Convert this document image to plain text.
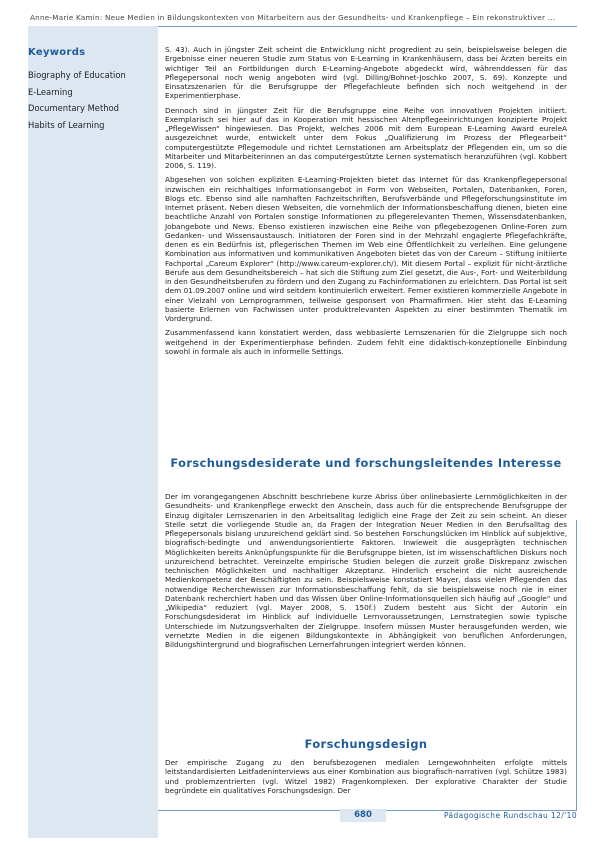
Anne-Marie Kamin: Neue Medien in Bildungskontexten von Mitarbeitern aus der Gesundheits- und Krankenpflege – Ein rekonstruktiver ...
Keywords
Biography of Education
E-Learning
Documentary Method
Habits of Learning

S. 43). Auch in jüngster Zeit scheint die Entwicklung nicht progredient zu sein, beispielsweise belegen die Ergebnisse einer neueren Studie zum Status von E-Learning in Krankenhäusern, dass bei Ärzten bereits ein wichtiger Teil an Fortbildungen durch E-Learning-Angebote abgedeckt wird, währenddessen für das Pflegepersonal noch wenig angeboten wird (vgl. Dilling/Bohnet-Joschko 2007, S. 69). Konzepte und Einsatzszenarien für die Berufsgruppe der Pflegefachleute befinden sich noch weitgehend in der Experimentierphase.

Dennoch sind in jüngster Zeit für die Berufsgruppe eine Reihe von innovativen Projekten initiiert. Exemplarisch sei hier auf das in Kooperation mit hessischen Altenpflegeeinrichtungen konzipierte Projekt „PflegeWissen“ hingewiesen. Das Projekt, welches 2006 mit dem European E-Learning Award eureleA ausgezeichnet wurde, entwickelt unter dem Fokus „Qualifizierung im Prozess der Pflegearbeit“ computergestützte Pflegemodule und richtet Lernstationen am Arbeitsplatz der Pflegenden ein, um so die Mitarbeiter und Mitarbeiterinnen an das computergestützte Lernen systematisch heranzuführen (vgl. Kobbert 2006, S. 119).

Abgesehen von solchen expliziten E-Learning-Projekten bietet das Internet für das Krankenpflegepersonal inzwischen ein reichhaltiges Informationsangebot in Form von Webseiten, Portalen, Datenbanken, Foren, Blogs etc. Ebenso sind alle namhaften Fachzeitschriften, Berufsverbände und Pflegeforschungsinstitute im Internet präsent. Neben diesen Webseiten, die vornehmlich der Informationsbeschaffung dienen, bieten eine beachtliche Anzahl von Portalen sonstige Informationen zu pflegerelevanten Themen, Wissensdatenbanken, Jobangebote und News. Ebenso existieren inzwischen eine Reihe von pflegebezogenen Online-Foren zum Gedanken- und Wissensaustausch. Initiatoren der Foren sind in der Mehrzahl engagierte Pflegefachkräfte, denen es ein Bedürfnis ist, pflegerischen Themen im Web eine Öffentlichkeit zu verleihen. Eine gelungene Kombination aus informativen und kommunikativen Angeboten bietet das von der Careum – Stiftung initiierte Fachportal „Careum Explorer“ (http://www.careum-explorer.ch/). Mit diesem Portal – explizit für nicht-ärztliche Berufe aus dem Gesundheitsbereich – hat sich die Stiftung zum Ziel gesetzt, die Aus-, Fort- und Weiterbildung in den Gesundheitsberufen zu fördern und den Zugang zu Fachinformationen zu erleichtern. Das Portal ist seit dem 01.09.2007 online und wird seitdem kontinuierlich erweitert. Ferner existieren kommerzielle Angebote in einer Vielzahl von Lernprogrammen, teilweise gesponsert von Pharmafirmen. Hier steht das E-Learning basierte Erlernen von Fachwissen unter produktrelevanten Aspekten zu einer bestimmten Thematik im Vordergrund.

Zusammenfassend kann konstatiert werden, dass webbasierte Lernszenarien für die Zielgruppe sich noch weitgehend in der Experimentierphase befinden. Zudem fehlt eine didaktisch-konzeptionelle Einbindung sowohl in formale als auch in informelle Settings.

Forschungsdesiderate und forschungsleitendes Interesse

Der im vorangegangenen Abschnitt beschriebene kurze Abriss über onlinebasierte Lernmöglichkeiten in der Gesundheits- und Krankenpflege erweckt den Anschein, dass auch für die entsprechende Berufsgruppe der Einzug digitaler Lernszenarien in den Arbeitsalltag lediglich eine Frage der Zeit zu sein scheint. An dieser Stelle setzt die vorliegende Studie an, da Fragen der Integration Neuer Medien in den Berufsalltag des Pflegepersonals bislang unzureichend geklärt sind. So bestehen Forschungslücken im Hinblick auf subjektive, biografisch-bedingte und anwendungsorientierte Faktoren. Inwieweit die ausgeprägten technischen Möglichkeiten bereits Anknüpfungspunkte für die Berufsgruppe bieten, ist im wissenschaftlichen Diskurs noch unzureichend betrachtet. Vereinzelte empirische Studien belegen die zurzeit große Diskrepanz zwischen technischen Möglichkeiten und nachhaltiger Akzeptanz. Hinderlich erscheint die nicht ausreichende Medienkompetenz der Beschäftigten zu sein. Beispielsweise konstatiert Mayer, dass vielen Pflegenden das notwendige Recherchewissen zur Informationsbeschaffung fehlt, da sie beispielsweise noch nie in einer Datenbank recherchiert haben und das Wissen über Online-Informationsquellen sich häufig auf „Google“ und „Wikipedia“ reduziert (vgl. Mayer 2008, S. 150f.) Zudem besteht aus Sicht der Autorin ein Forschungsdesiderat im Hinblick auf individuelle Lernvoraussetzungen, Lernstrategien sowie typische Unterschiede im Nutzungsverhalten der Zielgruppe. Insofern müssen Muster herausgefunden werden, wie vernetzte Medien in die eigenen Bildungskontexte in Abhängigkeit von beruflichen Anforderungen, Bildungshintergrund und biografischen Lernerfahrungen integriert werden können.

Forschungsdesign

Der empirische Zugang zu den berufsbezogenen medialen Lerngewohnheiten erfolgte mittels leitstandardisierten Leitfadeninterviews aus einer Kombination aus biografisch-narrativen (vgl. Schütze 1983) und problemzentrierten (vgl. Witzel 1982) Fragenkomplexen. Der explorative Charakter der Studie begründete ein qualitatives Forschungsdesign. Der

680	Pädagogische Rundschau 12/'10
